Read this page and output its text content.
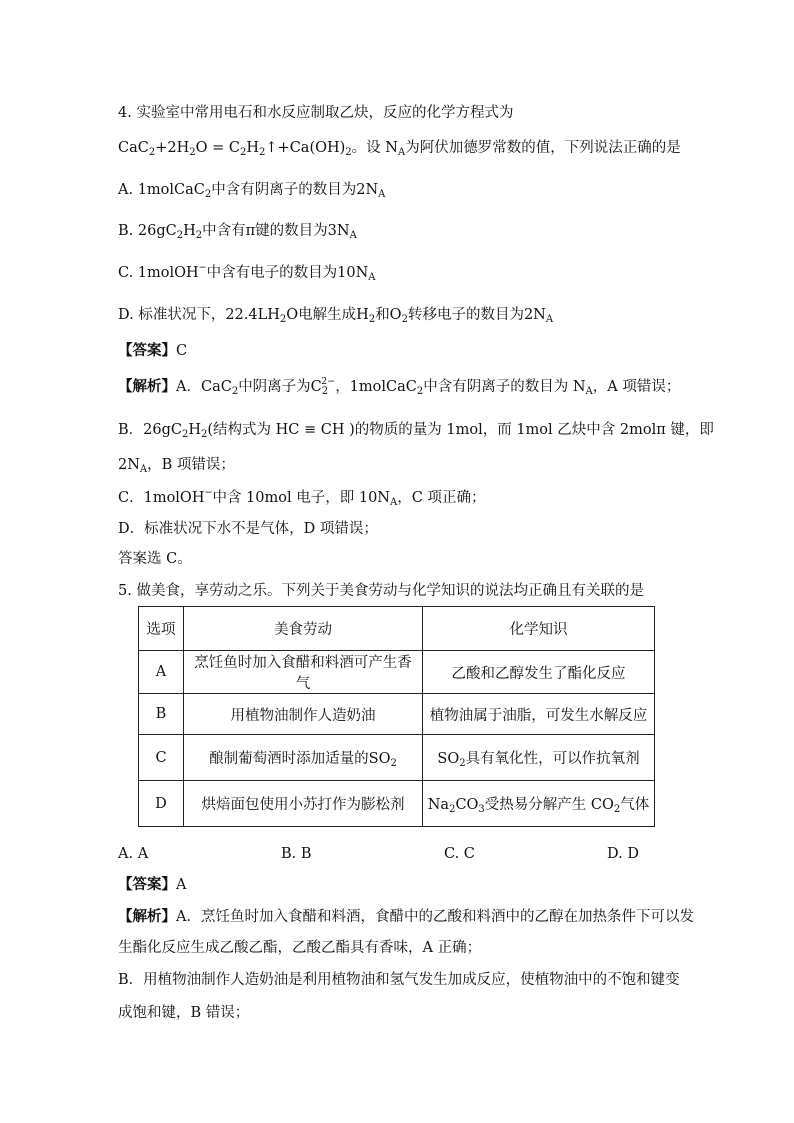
4. 实验室中常用电石和水反应制取乙炔，反应的化学方程式为
$CaC_2+2H_2O$ = $C_2H_2↑+Ca(OH)_2$。设 $N_A$为阿伏加德罗常数的值，下列说法正确的是
A. 1molCaC$_2$中含有阴离子的数目为$2N_A$
B. $26gC_2H_2$中含有π键的数目为$3N_A$
C. 1molOH−中含有电子的数目为$10N_A$
D. 标准状况下，$22.4LH_2O$电解生成$H_2$和$O_2$转移电子的数目为$2N_A$
【答案】C
【解析】A．CaC$_2$中阴离子为$C_2^{2-}$，1molCaC$_2$中含有阴离子的数目为 $N_A$，A 项错误；
B．$26gC_2H_2$(结构式为 HC ≡ CH )的物质的量为 1mol，而 1mol 乙炔中含 2molπ 键，即
$2N_A$，B 项错误；
C．1molOH−中含 10mol 电子，即 $10N_A$，C 项正确；
D．标准状况下水不是气体，D 项错误；
答案选 C。
5. 做美食，享劳动之乐。下列关于美食劳动与化学知识的说法均正确且有关联的是
选项	美食劳动	化学知识
A	烹饪鱼时加入食醋和料酒可产生香气	乙酸和乙醇发生了酯化反应
B	用植物油制作人造奶油	植物油属于油脂，可发生水解反应
C	酿制葡萄酒时添加适量的$SO_2$	$SO_2$具有氧化性，可以作抗氧剂
D	烘焙面包使用小苏打作为膨松剂	$Na_2CO_3$受热易分解产生 $CO_2$气体
A. A	B. B	C. C	D. D
【答案】A
【解析】A．烹饪鱼时加入食醋和料酒，食醋中的乙酸和料酒中的乙醇在加热条件下可以发
生酯化反应生成乙酸乙酯，乙酸乙酯具有香味，A 正确；
B．用植物油制作人造奶油是利用植物油和氢气发生加成反应，使植物油中的不饱和键变
成饱和键，B 错误；
